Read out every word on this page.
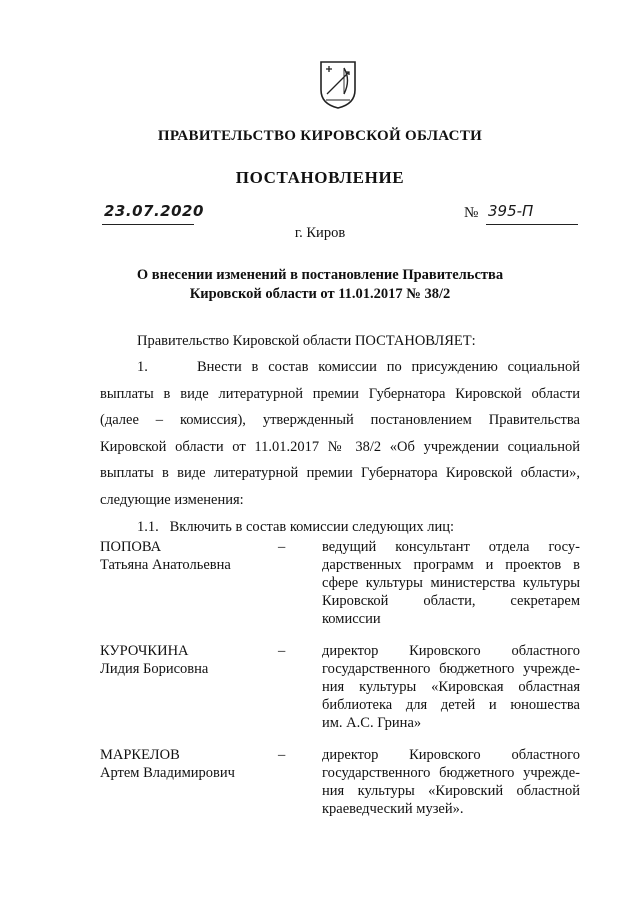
ПРАВИТЕЛЬСТВО КИРОВСКОЙ ОБЛАСТИ
ПОСТАНОВЛЕНИЕ
23.07.2020	№ 395-П
г. Киров
О внесении изменений в постановление Правительства
Кировской области от 11.01.2017 № 38/2
Правительство Кировской области ПОСТАНОВЛЯЕТ:
1.     Внести в состав комиссии по присуждению социальной
выплаты в виде литературной премии Губернатора Кировской области
(далее – комиссия), утвержденный постановлением Правительства
Кировской области от 11.01.2017 № 38/2 «Об учреждении социальной
выплаты в виде литературной премии Губернатора Кировской области»,
следующие изменения:
1.1.   Включить в состав комиссии следующих лиц:
ПОПОВА
Татьяна Анатольевна
–	ведущий консультант отдела госу-
дарственных программ и проектов в
сфере культуры министерства культуры
Кировской области, секретарем
комиссии
КУРОЧКИНА
Лидия Борисовна
–	директор Кировского областного
государственного бюджетного учрежде-
ния культуры «Кировская областная
библиотека для детей и юношества
им. А.С. Грина»
МАРКЕЛОВ
Артем Владимирович
–	директор Кировского областного
государственного бюджетного учрежде-
ния культуры «Кировский областной
краеведческий музей».
